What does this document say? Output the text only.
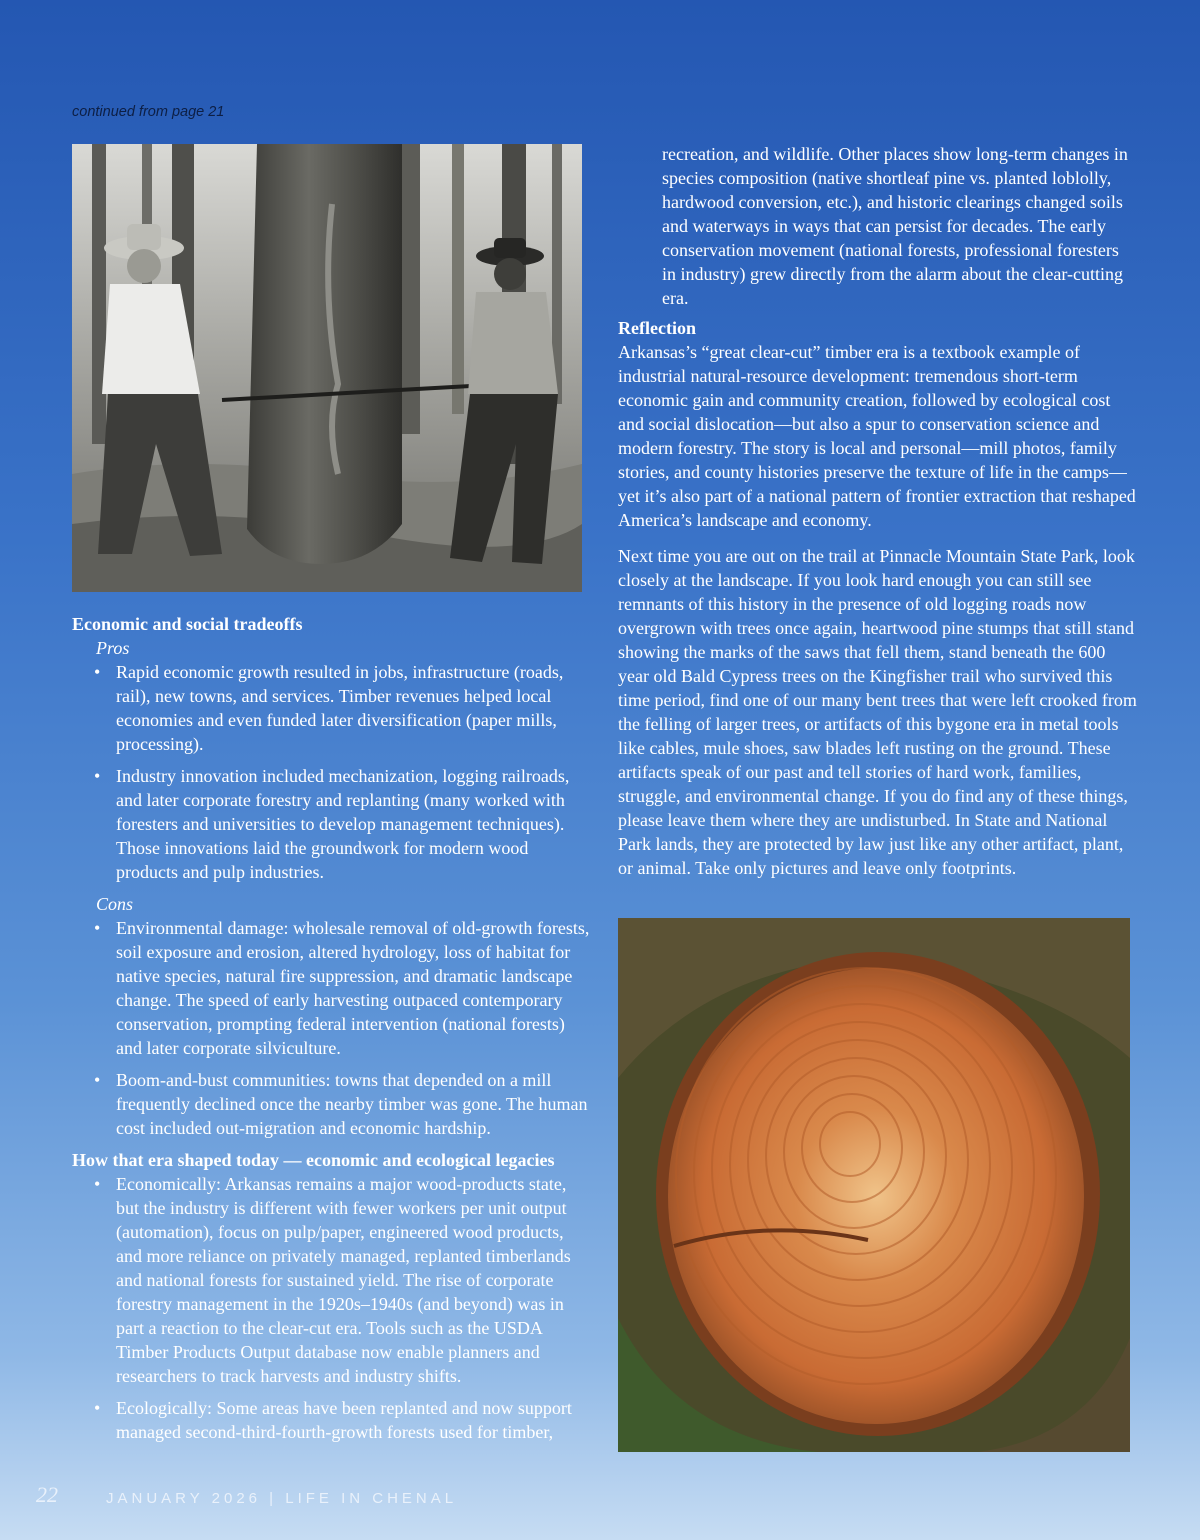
continued from page 21

recreation, and wildlife. Other places show long-term changes in species composition (native shortleaf pine vs. planted loblolly, hardwood conversion, etc.), and historic clearings changed soils and waterways in ways that can persist for decades. The early conservation movement (national forests, professional foresters in industry) grew directly from the alarm about the clear-cutting era.

Reflection

Arkansas’s “great clear-cut” timber era is a textbook example of industrial natural-resource development: tremendous short-term economic gain and community creation, followed by ecological cost and social dislocation—but also a spur to conservation science and modern forestry. The story is local and personal—mill photos, family stories, and county histories preserve the texture of life in the camps—yet it’s also part of a national pattern of frontier extraction that reshaped America’s landscape and economy.

Next time you are out on the trail at Pinnacle Mountain State Park, look closely at the landscape. If you look hard enough you can still see remnants of this history in the presence of old logging roads now overgrown with trees once again, heartwood pine stumps that still stand showing the marks of the saws that fell them, stand beneath the 600 year old Bald Cypress trees on the Kingfisher trail who survived this time period, find one of our many bent trees that were left crooked from the felling of larger trees, or artifacts of this bygone era in metal tools like cables, mule shoes, saw blades left rusting on the ground. These artifacts speak of our past and tell stories of hard work, families, struggle, and environmental change. If you do find any of these things, please leave them where they are undisturbed. In State and National Park lands, they are protected by law just like any other artifact, plant, or animal. Take only pictures and leave only footprints.

Economic and social tradeoffs

Pros

• Rapid economic growth resulted in jobs, infrastructure (roads, rail), new towns, and services. Timber revenues helped local economies and even funded later diversification (paper mills, processing).
• Industry innovation included mechanization, logging railroads, and later corporate forestry and replanting (many worked with foresters and universities to develop management techniques). Those innovations laid the groundwork for modern wood products and pulp industries.

Cons

• Environmental damage: wholesale removal of old-growth forests, soil exposure and erosion, altered hydrology, loss of habitat for native species, natural fire suppression, and dramatic landscape change. The speed of early harvesting outpaced contemporary conservation, prompting federal intervention (national forests) and later corporate silviculture.
• Boom-and-bust communities: towns that depended on a mill frequently declined once the nearby timber was gone. The human cost included out-migration and economic hardship.

How that era shaped today — economic and ecological legacies

• Economically: Arkansas remains a major wood-products state, but the industry is different with fewer workers per unit output (automation), focus on pulp/paper, engineered wood products, and more reliance on privately managed, replanted timberlands and national forests for sustained yield. The rise of corporate forestry management in the 1920s–1940s (and beyond) was in part a reaction to the clear-cut era. Tools such as the USDA Timber Products Output database now enable planners and researchers to track harvests and industry shifts.
• Ecologically: Some areas have been replanted and now support managed second-third-fourth-growth forests used for timber,
22	JANUARY 2026 | LIFE IN CHENAL
